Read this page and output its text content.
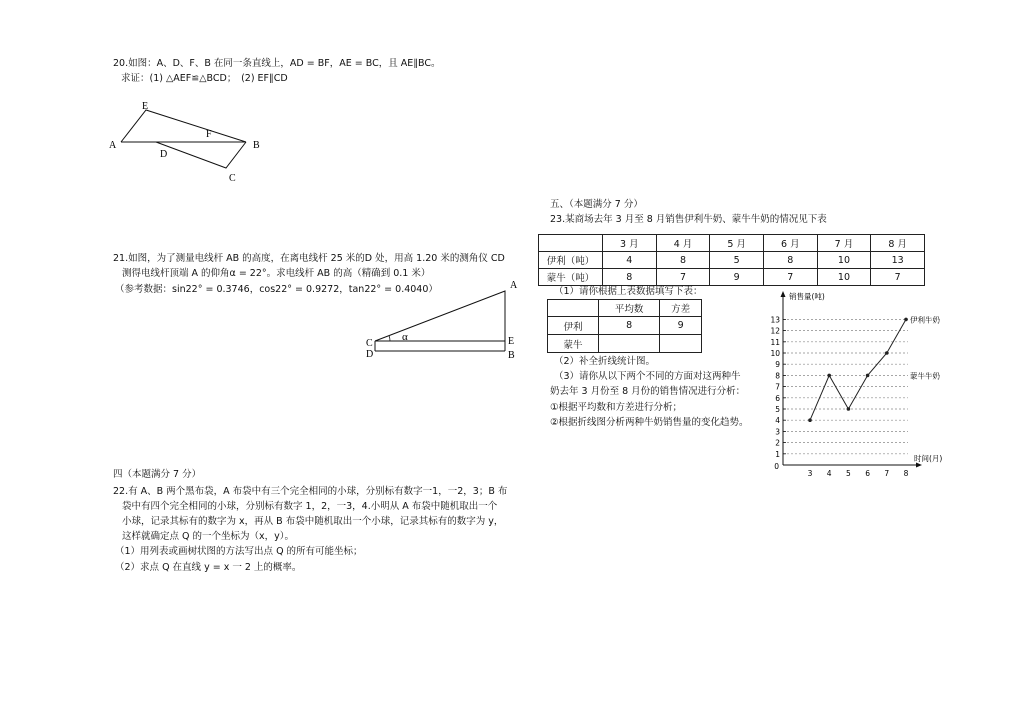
20.如图：A、D、F、B 在同一条直线上，AD = BF，AE = BC，且 AE∥BC。
求证：(1) △AEF≌△BCD；　(2) EF∥CD
E
F
A
D
B
C
21.如图，为了测量电线杆 AB 的高度，在离电线杆 25 米的D 处，用高 1.20 米的测角仪 CD
测得电线杆顶端 A 的仰角α = 22°。求电线杆 AB 的高（精确到 0.1 米）
（参考数据：sin22° = 0.3746，cos22° = 0.9272，tan22° = 0.4040）	A
C
D
E
B
α
四（本题满分 7 分）
22.有 A、B 两个黑布袋，A 布袋中有三个完全相同的小球，分别标有数字一1，一2，3；B 布
袋中有四个完全相同的小球，分别标有数字 1，2，一3，4.小明从 A 布袋中随机取出一个
小球，记录其标有的数字为 x，再从 B 布袋中随机取出一个小球，记录其标有的数字为 y，
这样就确定点 Q 的一个坐标为（x，y）。
（1）用列表或画树状图的方法写出点 Q 的所有可能坐标；
（2）求点 Q 在直线 y = x 一 2 上的概率。
五、（本题满分 7 分）
23.某商场去年 3 月至 8 月销售伊利牛奶、蒙牛牛奶的情况见下表
	3 月	4 月	5 月	6 月	7 月	8 月
伊利（吨）	4	8	5	8	10	13
蒙牛（吨）	8	7	9	7	10	7
（1）请你根据上表数据填写下表：
	平均数	方差
伊利	8	9
蒙牛		
（2）补全折线统计图。
（3）请你从以下两个不同的方面对这两种牛
奶去年 3 月份至 8 月份的销售情况进行分析：
①根据平均数和方差进行分析；
②根据折线图分析两种牛奶销售量的变化趋势。
1
2
3
4
5
6
7
8
9
10
11
12
13
0
3 4 5 6 7 8
销售量(吨)
时间(月)
伊利牛奶
蒙牛牛奶
